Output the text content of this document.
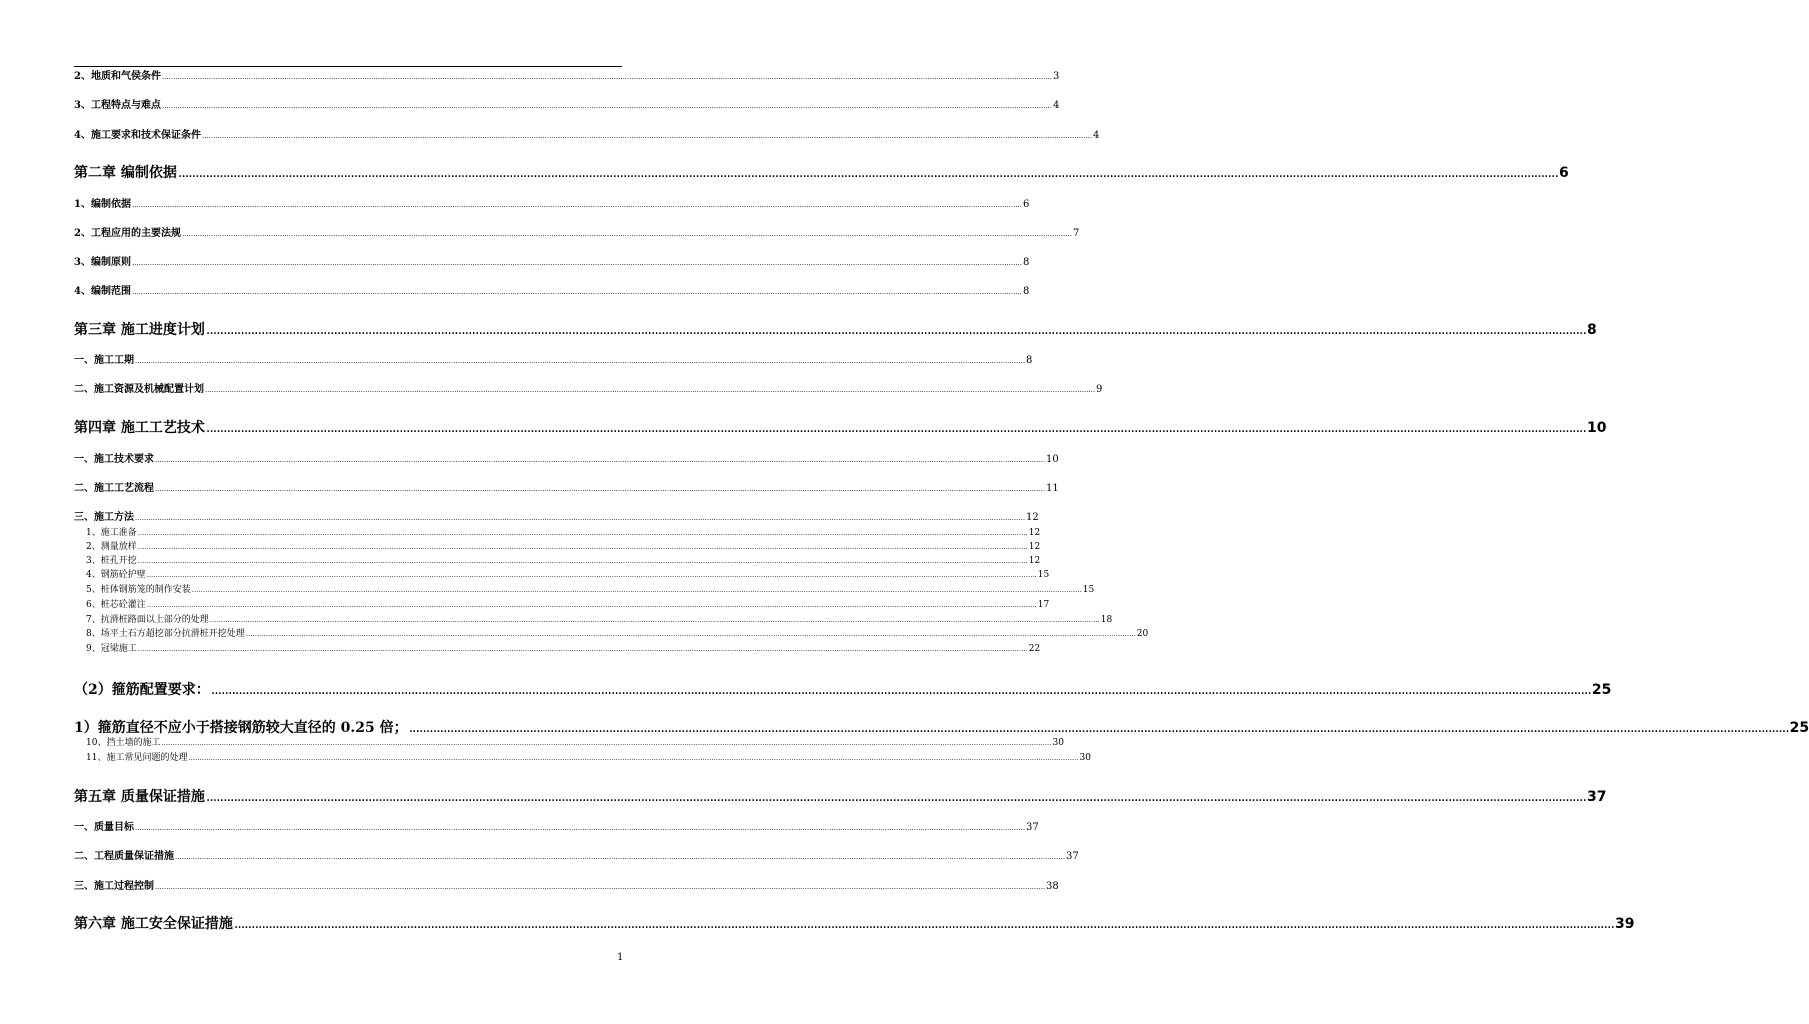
2、地质和气侯条件 ................................................................................................................................................................................................................................................................................................................................................................................................................ 3
3、工程特点与难点 ................................................................................................................................................................................................................................................................................................................................................................................................................ 4
4、施工要求和技术保证条件 ................................................................................................................................................................................................................................................................................................................................................................................................................ 4
第二章 编制依据 ................................................................................................................................................................................................................................................................................................................................................................................................................ 6
1、编制依据 ................................................................................................................................................................................................................................................................................................................................................................................................................ 6
2、工程应用的主要法规 ................................................................................................................................................................................................................................................................................................................................................................................................................ 7
3、编制原则 ................................................................................................................................................................................................................................................................................................................................................................................................................ 8
4、编制范围 ................................................................................................................................................................................................................................................................................................................................................................................................................ 8
第三章 施工进度计划 ................................................................................................................................................................................................................................................................................................................................................................................................................ 8
一、施工工期 ................................................................................................................................................................................................................................................................................................................................................................................................................ 8
二、施工资源及机械配置计划 ................................................................................................................................................................................................................................................................................................................................................................................................................ 9
第四章 施工工艺技术 ................................................................................................................................................................................................................................................................................................................................................................................................................ 10
一、施工技术要求 ................................................................................................................................................................................................................................................................................................................................................................................................................ 10
二、施工工艺流程 ................................................................................................................................................................................................................................................................................................................................................................................................................ 11
三、施工方法 ................................................................................................................................................................................................................................................................................................................................................................................................................ 12
1、施工准备 ................................................................................................................................................................................................................................................................................................................................................................................................................ 12
2、测量放样 ................................................................................................................................................................................................................................................................................................................................................................................................................ 12
3、桩孔开挖 ................................................................................................................................................................................................................................................................................................................................................................................................................ 12
4、钢筋砼护壁 ................................................................................................................................................................................................................................................................................................................................................................................................................ 15
5、桩体钢筋笼的制作安装 ................................................................................................................................................................................................................................................................................................................................................................................................................ 15
6、桩芯砼灌注 ................................................................................................................................................................................................................................................................................................................................................................................................................ 17
7、抗滑桩路面以上部分的处理 ................................................................................................................................................................................................................................................................................................................................................................................................................ 18
8、场平土石方超挖部分抗滑桩开挖处理 ................................................................................................................................................................................................................................................................................................................................................................................................................ 20
9、冠梁施工 ................................................................................................................................................................................................................................................................................................................................................................................................................ 22
（2）箍筋配置要求： ................................................................................................................................................................................................................................................................................................................................................................................................................ 25
1）箍筋直径不应小于搭接钢筋较大直径的 0.25 倍； ................................................................................................................................................................................................................................................................................................................................................................................................................ 25
10、挡土墙的施工 ................................................................................................................................................................................................................................................................................................................................................................................................................ 30
11、施工常见问题的处理 ................................................................................................................................................................................................................................................................................................................................................................................................................ 30
第五章 质量保证措施 ................................................................................................................................................................................................................................................................................................................................................................................................................ 37
一、质量目标 ................................................................................................................................................................................................................................................................................................................................................................................................................ 37
二、工程质量保证措施 ................................................................................................................................................................................................................................................................................................................................................................................................................ 37
三、施工过程控制 ................................................................................................................................................................................................................................................................................................................................................................................................................ 38
第六章 施工安全保证措施 ................................................................................................................................................................................................................................................................................................................................................................................................................ 39
1
